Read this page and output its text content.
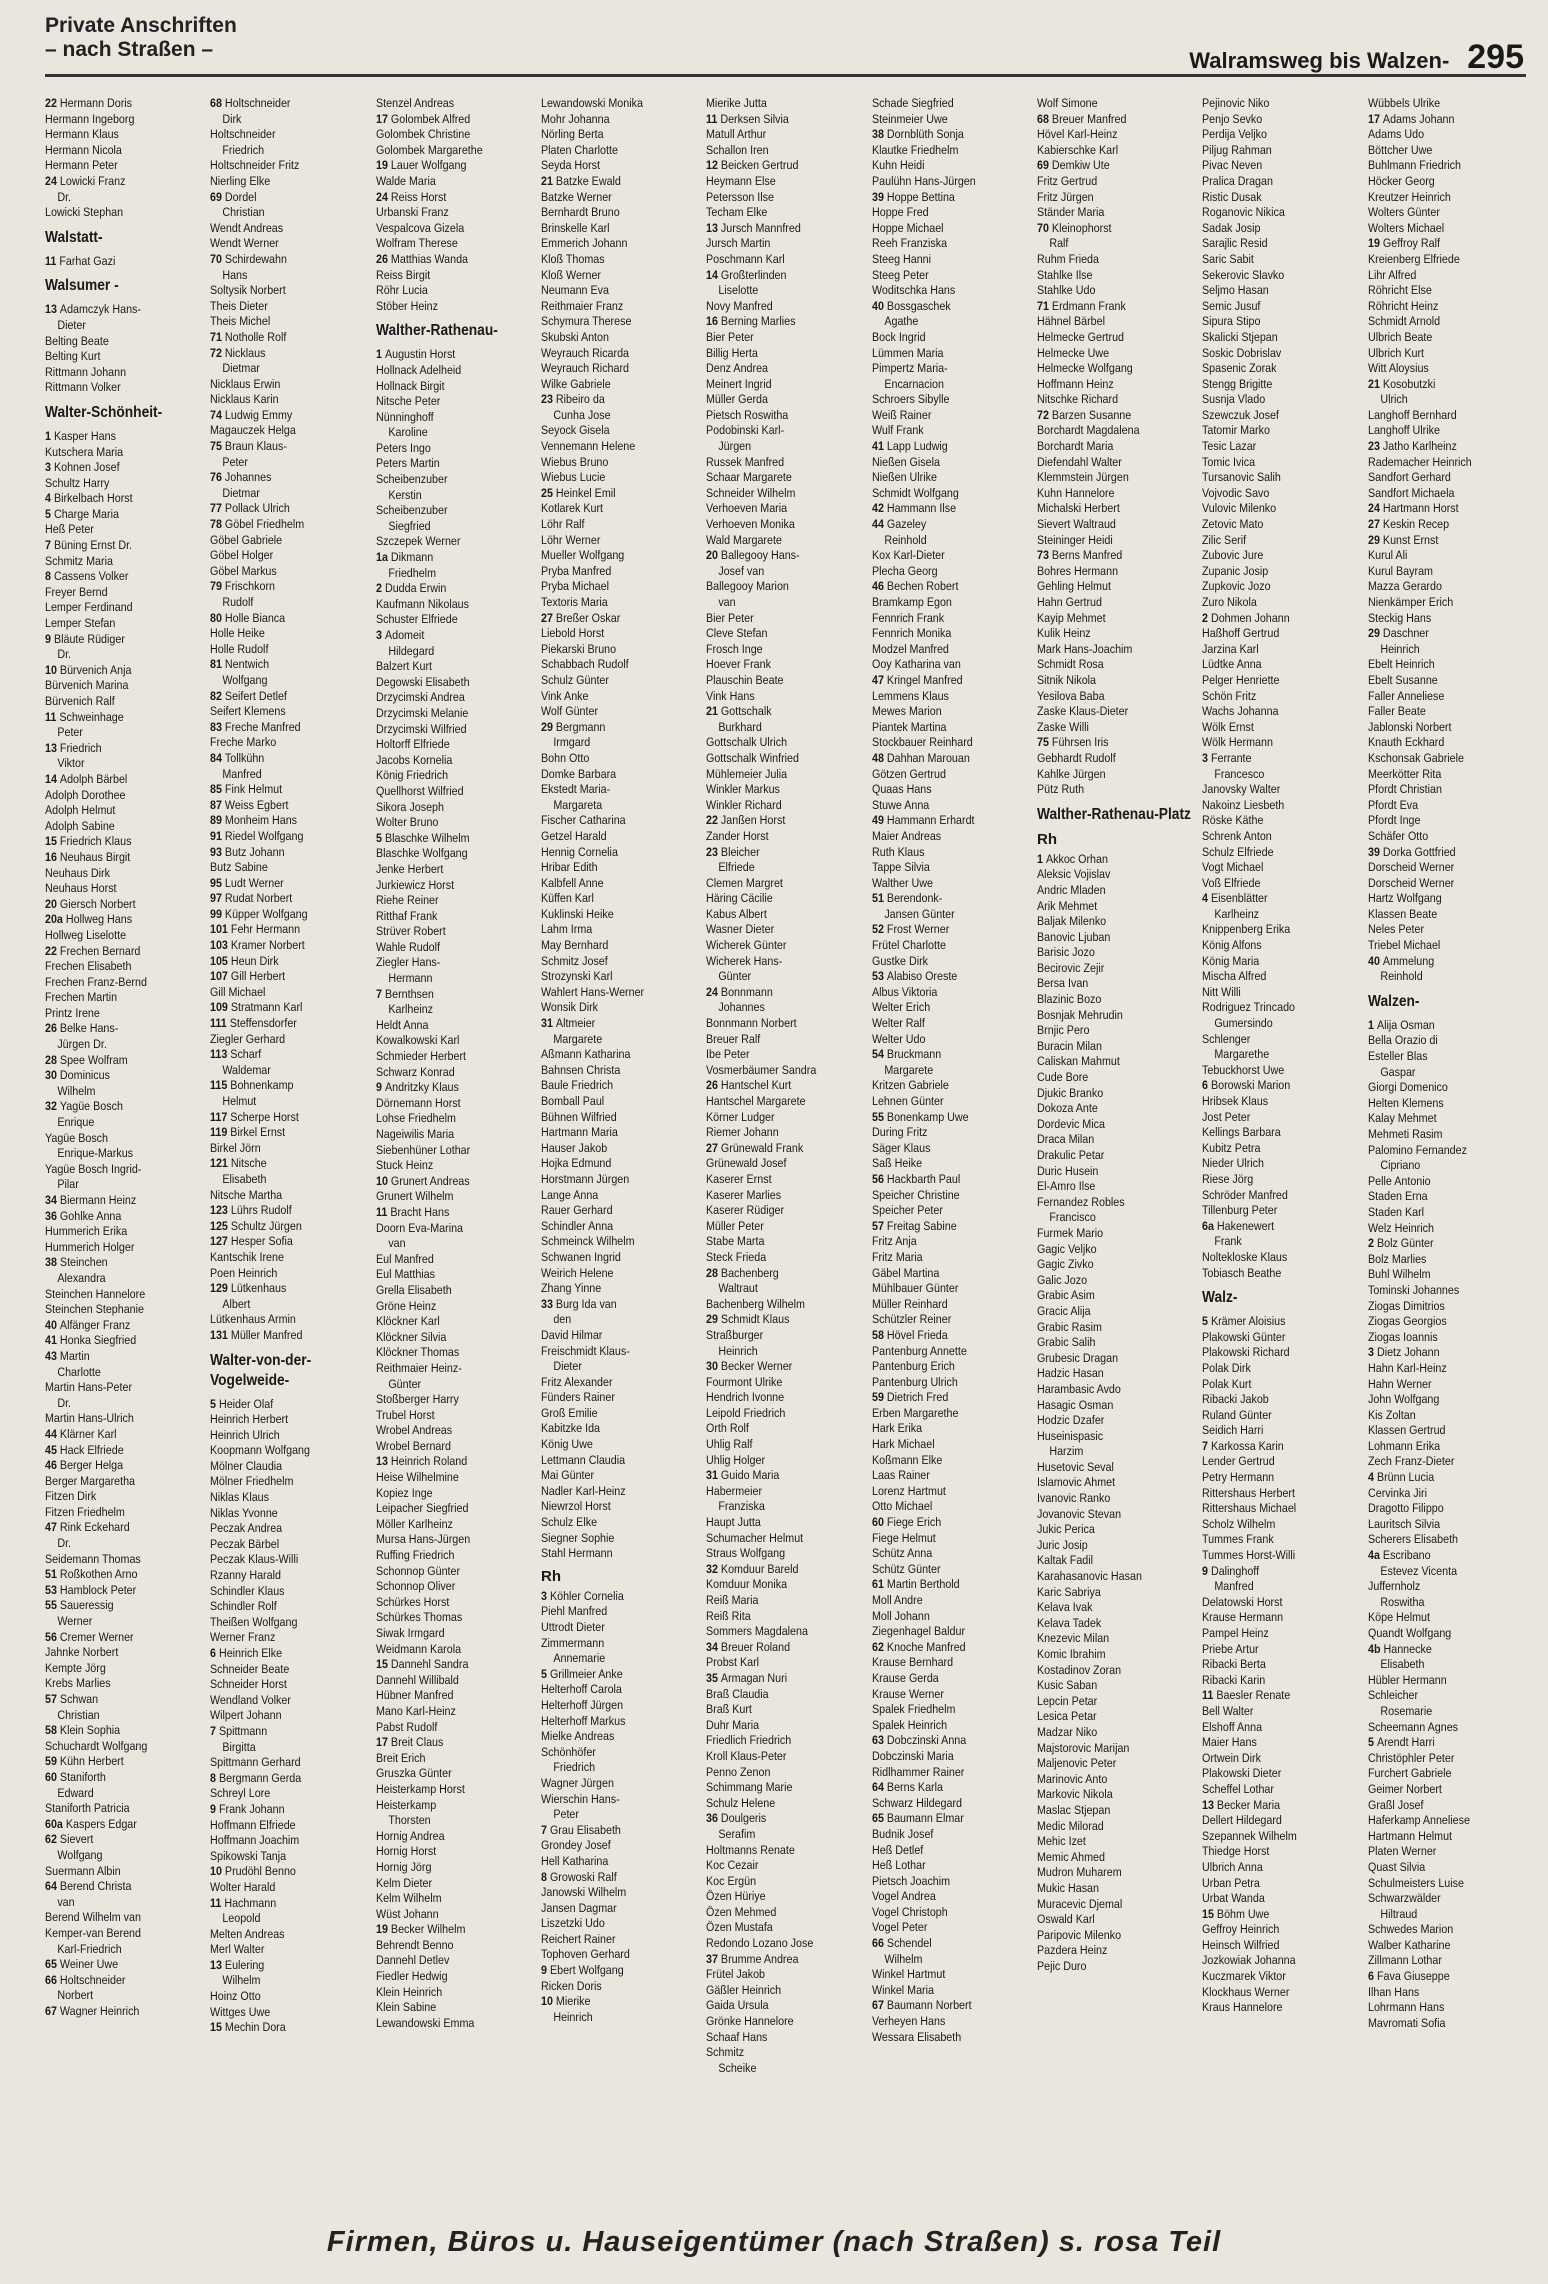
Private Anschriften
– nach Straßen –	Walramsweg bis Walzen- 295
22 Hermann Doris
Hermann Ingeborg
Hermann Klaus
Hermann Nicola
Hermann Peter
24 Lowicki Franz
Dr.
Lowicki Stephan
Walstatt-
11 Farhat Gazi
Walsumer -
13 Adamczyk Hans-
Dieter
Belting Beate
Belting Kurt
Rittmann Johann
Rittmann Volker
Walter-Schönheit-
1 Kasper Hans
Kutschera Maria
3 Kohnen Josef
Schultz Harry
4 Birkelbach Horst
5 Charge Maria
Heß Peter
7 Büning Ernst Dr.
Schmitz Maria
8 Cassens Volker
Freyer Bernd
Lemper Ferdinand
Lemper Stefan
9 Bläute Rüdiger
Dr.
10 Bürvenich Anja
Bürvenich Marina
Bürvenich Ralf
11 Schweinhage
Peter
13 Friedrich
Viktor
14 Adolph Bärbel
Adolph Dorothee
Adolph Helmut
Adolph Sabine
15 Friedrich Klaus
16 Neuhaus Birgit
Neuhaus Dirk
Neuhaus Horst
20 Giersch Norbert
20a Hollweg Hans
Hollweg Liselotte
22 Frechen Bernard
Frechen Elisabeth
Frechen Franz-Bernd
Frechen Martin
Printz Irene
26 Belke Hans-
Jürgen Dr.
28 Spee Wolfram
30 Dominicus
Wilhelm
32 Yagüe Bosch
Enrique
Yagüe Bosch
Enrique-Markus
Yagüe Bosch Ingrid-
Pilar
34 Biermann Heinz
36 Gohlke Anna
Hummerich Erika
Hummerich Holger
38 Steinchen
Alexandra
Steinchen Hannelore
Steinchen Stephanie
40 Alfänger Franz
41 Honka Siegfried
43 Martin
Charlotte
Martin Hans-Peter
Dr.
Martin Hans-Ulrich
44 Klärner Karl
45 Hack Elfriede
46 Berger Helga
Berger Margaretha
Fitzen Dirk
Fitzen Friedhelm
47 Rink Eckehard
Dr.
Seidemann Thomas
51 Roßkothen Arno
53 Hamblock Peter
55 Saueressig
Werner
56 Cremer Werner
Jahnke Norbert
Kempte Jörg
Krebs Marlies
57 Schwan
Christian
58 Klein Sophia
Schuchardt Wolfgang
59 Kühn Herbert
60 Staniforth
Edward
Staniforth Patricia
60a Kaspers Edgar
62 Sievert
Wolfgang
Suermann Albin
64 Berend Christa
van
Berend Wilhelm van
Kemper-van Berend
Karl-Friedrich
65 Weiner Uwe
66 Holtschneider
Norbert
67 Wagner Heinrich
68 Holtschneider
Dirk
Holtschneider
Friedrich
Holtschneider Fritz
Nierling Elke
69 Dordel
Christian
Wendt Andreas
Wendt Werner
70 Schirdewahn
Hans
Soltysik Norbert
Theis Dieter
Theis Michel
71 Notholle Rolf
72 Nicklaus
Dietmar
Nicklaus Erwin
Nicklaus Karin
74 Ludwig Emmy
Magauczek Helga
75 Braun Klaus-
Peter
76 Johannes
Dietmar
77 Pollack Ulrich
78 Göbel Friedhelm
Göbel Gabriele
Göbel Holger
Göbel Markus
79 Frischkorn
Rudolf
80 Holle Bianca
Holle Heike
Holle Rudolf
81 Nentwich
Wolfgang
82 Seifert Detlef
Seifert Klemens
83 Freche Manfred
Freche Marko
84 Tollkühn
Manfred
85 Fink Helmut
87 Weiss Egbert
89 Monheim Hans
91 Riedel Wolfgang
93 Butz Johann
Butz Sabine
95 Ludt Werner
97 Rudat Norbert
99 Küpper Wolfgang
101 Fehr Hermann
103 Kramer Norbert
105 Heun Dirk
107 Gill Herbert
Gill Michael
109 Stratmann Karl
111 Steffensdorfer
Ziegler Gerhard
113 Scharf
Waldemar
115 Bohnenkamp
Helmut
117 Scherpe Horst
119 Birkel Ernst
Birkel Jörn
121 Nitsche
Elisabeth
Nitsche Martha
123 Lührs Rudolf
125 Schultz Jürgen
127 Hesper Sofia
Kantschik Irene
Poen Heinrich
129 Lütkenhaus
Albert
Lütkenhaus Armin
131 Müller Manfred
Walter-von-der-Vogelweide-
5 Heider Olaf
Heinrich Herbert
Heinrich Ulrich
Koopmann Wolfgang
Mölner Claudia
Mölner Friedhelm
Niklas Klaus
Niklas Yvonne
Peczak Andrea
Peczak Bärbel
Peczak Klaus-Willi
Rzanny Harald
Schindler Klaus
Schindler Rolf
Theißen Wolfgang
Werner Franz
6 Heinrich Elke
Schneider Beate
Schneider Horst
Wendland Volker
Wilpert Johann
7 Spittmann
Birgitta
Spittmann Gerhard
8 Bergmann Gerda
Schreyl Lore
9 Frank Johann
Hoffmann Elfriede
Hoffmann Joachim
Spikowski Tanja
10 Prudöhl Benno
Wolter Harald
11 Hachmann
Leopold
Melten Andreas
Merl Walter
13 Eulering
Wilhelm
Hoinz Otto
Wittges Uwe
15 Mechin Dora
Stenzel Andreas
17 Golombek Alfred
Golombek Christine
Golombek Margarethe
19 Lauer Wolfgang
Walde Maria
24 Reiss Horst
Urbanski Franz
Vespalcova Gizela
Wolfram Therese
26 Matthias Wanda
Reiss Birgit
Röhr Lucia
Stöber Heinz
Walther-Rathenau-
1 Augustin Horst
Hollnack Adelheid
Hollnack Birgit
Nitsche Peter
Nünninghoff
Karoline
Peters Ingo
Peters Martin
Scheibenzuber
Kerstin
Scheibenzuber
Siegfried
Szczepek Werner
1a Dikmann
Friedhelm
2 Dudda Erwin
Kaufmann Nikolaus
Schuster Elfriede
3 Adomeit
Hildegard
Balzert Kurt
Degowski Elisabeth
Drzycimski Andrea
Drzycimski Melanie
Drzycimski Wilfried
Holtorff Elfriede
Jacobs Kornelia
König Friedrich
Quellhorst Wilfried
Sikora Joseph
Wolter Bruno
5 Blaschke Wilhelm
Blaschke Wolfgang
Jenke Herbert
Jurkiewicz Horst
Riehe Reiner
Ritthaf Frank
Strüver Robert
Wahle Rudolf
Ziegler Hans-
Hermann
7 Bernthsen
Karlheinz
Heldt Anna
Kowalkowski Karl
Schmieder Herbert
Schwarz Konrad
9 Andritzky Klaus
Dörnemann Horst
Lohse Friedhelm
Nageiwilis Maria
Siebenhüner Lothar
Stuck Heinz
10 Grunert Andreas
Grunert Wilhelm
11 Bracht Hans
Doorn Eva-Marina
van
Eul Manfred
Eul Matthias
Grella Elisabeth
Gröne Heinz
Klöckner Karl
Klöckner Silvia
Klöckner Thomas
Reithmaier Heinz-
Günter
Stoßberger Harry
Trubel Horst
Wrobel Andreas
Wrobel Bernard
13 Heinrich Roland
Heise Wilhelmine
Kopiez Inge
Leipacher Siegfried
Möller Karlheinz
Mursa Hans-Jürgen
Ruffing Friedrich
Schonnop Günter
Schonnop Oliver
Schürkes Horst
Schürkes Thomas
Siwak Irmgard
Weidmann Karola
15 Dannehl Sandra
Dannehl Willibald
Hübner Manfred
Mano Karl-Heinz
Pabst Rudolf
17 Breit Claus
Breit Erich
Gruszka Günter
Heisterkamp Horst
Heisterkamp
Thorsten
Hornig Andrea
Hornig Horst
Hornig Jörg
Kelm Dieter
Kelm Wilhelm
Wüst Johann
19 Becker Wilhelm
Behrendt Benno
Dannehl Detlev
Fiedler Hedwig
Klein Heinrich
Klein Sabine
Lewandowski Emma
Lewandowski Monika
Mohr Johanna
Nörling Berta
Platen Charlotte
Seyda Horst
21 Batzke Ewald
Batzke Werner
Bernhardt Bruno
Brinskelle Karl
Emmerich Johann
Kloß Thomas
Kloß Werner
Neumann Eva
Reithmaier Franz
Schymura Therese
Skubski Anton
Weyrauch Ricarda
Weyrauch Richard
Wilke Gabriele
23 Ribeiro da
Cunha Jose
Seyock Gisela
Vennemann Helene
Wiebus Bruno
Wiebus Lucie
25 Heinkel Emil
Kotlarek Kurt
Löhr Ralf
Löhr Werner
Mueller Wolfgang
Pryba Manfred
Pryba Michael
Textoris Maria
27 Breßer Oskar
Liebold Horst
Piekarski Bruno
Schabbach Rudolf
Schulz Günter
Vink Anke
Wolf Günter
29 Bergmann
Irmgard
Bohn Otto
Domke Barbara
Ekstedt Maria-
Margareta
Fischer Catharina
Getzel Harald
Hennig Cornelia
Hribar Edith
Kalbfell Anne
Küffen Karl
Kuklinski Heike
Lahm Irma
May Bernhard
Schmitz Josef
Strozynski Karl
Wahlert Hans-Werner
Wonsik Dirk
31 Altmeier
Margarete
Aßmann Katharina
Bahnsen Christa
Baule Friedrich
Bomball Paul
Bühnen Wilfried
Hartmann Maria
Hauser Jakob
Hojka Edmund
Horstmann Jürgen
Lange Anna
Rauer Gerhard
Schindler Anna
Schmeinck Wilhelm
Schwanen Ingrid
Weirich Helene
Zhang Yinne
33 Burg Ida van
den
David Hilmar
Freischmidt Klaus-
Dieter
Fritz Alexander
Fünders Rainer
Groß Emilie
Kabitzke Ida
König Uwe
Lettmann Claudia
Mai Günter
Nadler Karl-Heinz
Niewrzol Horst
Schulz Elke
Siegner Sophie
Stahl Hermann
Rh
3 Köhler Cornelia
Piehl Manfred
Uttrodt Dieter
Zimmermann
Annemarie
5 Grillmeier Anke
Helterhoff Carola
Helterhoff Jürgen
Helterhoff Markus
Mielke Andreas
Schönhöfer
Friedrich
Wagner Jürgen
Wierschin Hans-
Peter
7 Grau Elisabeth
Grondey Josef
Hell Katharina
8 Growoski Ralf
Janowski Wilhelm
Jansen Dagmar
Liszetzki Udo
Reichert Rainer
Tophoven Gerhard
9 Ebert Wolfgang
Ricken Doris
10 Mierike
Heinrich
Mierike Jutta
11 Derksen Silvia
Matull Arthur
Schallon Iren
12 Beicken Gertrud
Heymann Else
Petersson Ilse
Techam Elke
13 Jursch Mannfred
Jursch Martin
Poschmann Karl
14 Großterlinden
Liselotte
Novy Manfred
16 Berning Marlies
Bier Peter
Billig Herta
Denz Andrea
Meinert Ingrid
Müller Gerda
Pietsch Roswitha
Podobinski Karl-
Jürgen
Russek Manfred
Schaar Margarete
Schneider Wilhelm
Verhoeven Maria
Verhoeven Monika
Wald Margarete
20 Ballegooy Hans-
Josef van
Ballegooy Marion
van
Bier Peter
Cleve Stefan
Frosch Inge
Hoever Frank
Plauschin Beate
Vink Hans
21 Gottschalk
Burkhard
Gottschalk Ulrich
Gottschalk Winfried
Mühlemeier Julia
Winkler Markus
Winkler Richard
22 Janßen Horst
Zander Horst
23 Bleicher
Elfriede
Clemen Margret
Häring Cäcilie
Kabus Albert
Wasner Dieter
Wicherek Günter
Wicherek Hans-
Günter
24 Bonnmann
Johannes
Bonnmann Norbert
Breuer Ralf
Ibe Peter
Vosmerbäumer Sandra
26 Hantschel Kurt
Hantschel Margarete
Körner Ludger
Riemer Johann
27 Grünewald Frank
Grünewald Josef
Kaserer Ernst
Kaserer Marlies
Kaserer Rüdiger
Müller Peter
Stabe Marta
Steck Frieda
28 Bachenberg
Waltraut
Bachenberg Wilhelm
29 Schmidt Klaus
Straßburger
Heinrich
30 Becker Werner
Fourmont Ulrike
Hendrich Ivonne
Leipold Friedrich
Orth Rolf
Uhlig Ralf
Uhlig Holger
31 Guido Maria
Habermeier
Franziska
Haupt Jutta
Schumacher Helmut
Straus Wolfgang
32 Komduur Bareld
Komduur Monika
Reiß Maria
Reiß Rita
Sommers Magdalena
34 Breuer Roland
Probst Karl
35 Armagan Nuri
Braß Claudia
Braß Kurt
Duhr Maria
Friedlich Friedrich
Kroll Klaus-Peter
Penno Zenon
Schimmang Marie
Schulz Helene
36 Doulgeris
Serafim
Holtmanns Renate
Koc Cezair
Koc Ergün
Özen Hüriye
Özen Mehmed
Özen Mustafa
Redondo Lozano Jose
37 Brumme Andrea
Frütel Jakob
Gäßler Heinrich
Gaida Ursula
Grönke Hannelore
Schaaf Hans
Schmitz
Scheike
Schade Siegfried
Steinmeier Uwe
38 Dornblüth Sonja
Klautke Friedhelm
Kuhn Heidi
Paulühn Hans-Jürgen
39 Hoppe Bettina
Hoppe Fred
Hoppe Michael
Reeh Franziska
Steeg Hanni
Steeg Peter
Woditschka Hans
40 Bossgaschek
Agathe
Bock Ingrid
Lümmen Maria
Pimpertz Maria-
Encarnacion
Schroers Sibylle
Weiß Rainer
Wulf Frank
41 Lapp Ludwig
Nießen Gisela
Nießen Ulrike
Schmidt Wolfgang
42 Hammann Ilse
44 Gazeley
Reinhold
Kox Karl-Dieter
Plecha Georg
46 Bechen Robert
Bramkamp Egon
Fennrich Frank
Fennrich Monika
Modzel Manfred
Ooy Katharina van
47 Kringel Manfred
Lemmens Klaus
Mewes Marion
Piantek Martina
Stockbauer Reinhard
48 Dahhan Marouan
Götzen Gertrud
Quaas Hans
Stuwe Anna
49 Hammann Erhardt
Maier Andreas
Ruth Klaus
Tappe Silvia
Walther Uwe
51 Berendonk-
Jansen Günter
52 Frost Werner
Frütel Charlotte
Gustke Dirk
53 Alabiso Oreste
Albus Viktoria
Welter Erich
Welter Ralf
Welter Udo
54 Bruckmann
Margarete
Kritzen Gabriele
Lehnen Günter
55 Bonenkamp Uwe
During Fritz
Säger Klaus
Saß Heike
56 Hackbarth Paul
Speicher Christine
Speicher Peter
57 Freitag Sabine
Fritz Anja
Fritz Maria
Gäbel Martina
Mühlbauer Günter
Müller Reinhard
Schützler Reiner
58 Hövel Frieda
Pantenburg Annette
Pantenburg Erich
Pantenburg Ulrich
59 Dietrich Fred
Erben Margarethe
Hark Erika
Hark Michael
Koßmann Elke
Laas Rainer
Lorenz Hartmut
Otto Michael
60 Fiege Erich
Fiege Helmut
Schütz Anna
Schütz Günter
61 Martin Berthold
Moll Andre
Moll Johann
Ziegenhagel Baldur
62 Knoche Manfred
Krause Bernhard
Krause Gerda
Krause Werner
Spalek Friedhelm
Spalek Heinrich
63 Dobczinski Anna
Dobczinski Maria
Ridlhammer Rainer
64 Berns Karla
Schwarz Hildegard
65 Baumann Elmar
Budnik Josef
Heß Detlef
Heß Lothar
Pietsch Joachim
Vogel Andrea
Vogel Christoph
Vogel Peter
66 Schendel
Wilhelm
Winkel Hartmut
Winkel Maria
67 Baumann Norbert
Verheyen Hans
Wessara Elisabeth
Wolf Simone
68 Breuer Manfred
Hövel Karl-Heinz
Kabierschke Karl
69 Demkiw Ute
Fritz Gertrud
Fritz Jürgen
Ständer Maria
70 Kleinophorst
Ralf
Ruhm Frieda
Stahlke Ilse
Stahlke Udo
71 Erdmann Frank
Hähnel Bärbel
Helmecke Gertrud
Helmecke Uwe
Helmecke Wolfgang
Hoffmann Heinz
Nitschke Richard
72 Barzen Susanne
Borchardt Magdalena
Borchardt Maria
Diefendahl Walter
Klemmstein Jürgen
Kuhn Hannelore
Michalski Herbert
Sievert Waltraud
Steininger Heidi
73 Berns Manfred
Bohres Hermann
Gehling Helmut
Hahn Gertrud
Kayip Mehmet
Kulik Heinz
Mark Hans-Joachim
Schmidt Rosa
Sitnik Nikola
Yesilova Baba
Zaske Klaus-Dieter
Zaske Willi
75 Führsen Iris
Gebhardt Rudolf
Kahlke Jürgen
Pütz Ruth
Walther-Rathenau-Platz
Rh
1 Akkoc Orhan
Aleksic Vojislav
Andric Mladen
Arik Mehmet
Baljak Milenko
Banovic Ljuban
Barisic Jozo
Becirovic Zejir
Bersa Ivan
Blazinic Bozo
Bosnjak Mehrudin
Brnjic Pero
Buracin Milan
Caliskan Mahmut
Cude Bore
Djukic Branko
Dokoza Ante
Dordevic Mica
Draca Milan
Drakulic Petar
Duric Husein
El-Amro Ilse
Fernandez Robles
Francisco
Furmek Mario
Gagic Veljko
Gagic Zivko
Galic Jozo
Grabic Asim
Gracic Alija
Grabic Rasim
Grabic Salih
Grubesic Dragan
Hadzic Hasan
Harambasic Avdo
Hasagic Osman
Hodzic Dzafer
Huseinispasic
Harzim
Husetovic Seval
Islamovic Ahmet
Ivanovic Ranko
Jovanovic Stevan
Jukic Perica
Juric Josip
Kaltak Fadil
Karahasanovic Hasan
Karic Sabriya
Kelava Ivak
Kelava Tadek
Knezevic Milan
Komic Ibrahim
Kostadinov Zoran
Kusic Saban
Lepcin Petar
Lesica Petar
Madzar Niko
Majstorovic Marijan
Maljenovic Peter
Marinovic Anto
Markovic Nikola
Maslac Stjepan
Medic Milorad
Mehic Izet
Memic Ahmed
Mudron Muharem
Mukic Hasan
Muracevic Djemal
Oswald Karl
Paripovic Milenko
Pazdera Heinz
Pejic Duro
Pejinovic Niko
Penjo Sevko
Perdija Veljko
Piljug Rahman
Pivac Neven
Pralica Dragan
Ristic Dusak
Roganovic Nikica
Sadak Josip
Sarajlic Resid
Saric Sabit
Sekerovic Slavko
Seljmo Hasan
Semic Jusuf
Sipura Stipo
Skalicki Stjepan
Soskic Dobrislav
Spasenic Zorak
Stengg Brigitte
Susnja Vlado
Szewczuk Josef
Tatomir Marko
Tesic Lazar
Tomic Ivica
Tursanovic Salih
Vojvodic Savo
Vulovic Milenko
Zetovic Mato
Zilic Serif
Zubovic Jure
Zupanic Josip
Zupkovic Jozo
Zuro Nikola
2 Dohmen Johann
Haßhoff Gertrud
Jarzina Karl
Lüdtke Anna
Pelger Henriette
Schön Fritz
Wachs Johanna
Wölk Ernst
Wölk Hermann
3 Ferrante
Francesco
Janovsky Walter
Nakoinz Liesbeth
Röske Käthe
Schrenk Anton
Schulz Elfriede
Vogt Michael
Voß Elfriede
4 Eisenblätter
Karlheinz
Knippenberg Erika
König Alfons
König Maria
Mischa Alfred
Nitt Willi
Rodriguez Trincado
Gumersindo
Schlenger
Margarethe
Tebuckhorst Uwe
6 Borowski Marion
Hribsek Klaus
Jost Peter
Kellings Barbara
Kubitz Petra
Nieder Ulrich
Riese Jörg
Schröder Manfred
Tillenburg Peter
6a Hakenewert
Frank
Noltekloske Klaus
Tobiasch Beathe
Walz-
5 Krämer Aloisius
Plakowski Günter
Plakowski Richard
Polak Dirk
Polak Kurt
Ribacki Jakob
Ruland Günter
Seidich Harri
7 Karkossa Karin
Lender Gertrud
Petry Hermann
Rittershaus Herbert
Rittershaus Michael
Scholz Wilhelm
Tummes Frank
Tummes Horst-Willi
9 Dalinghoff
Manfred
Delatowski Horst
Krause Hermann
Pampel Heinz
Priebe Artur
Ribacki Berta
Ribacki Karin
11 Baesler Renate
Bell Walter
Elshoff Anna
Maier Hans
Ortwein Dirk
Plakowski Dieter
Scheffel Lothar
13 Becker Maria
Dellert Hildegard
Szepannek Wilhelm
Thiedge Horst
Ulbrich Anna
Urban Petra
Urbat Wanda
15 Böhm Uwe
Geffroy Heinrich
Heinsch Wilfried
Jozkowiak Johanna
Kuczmarek Viktor
Klockhaus Werner
Kraus Hannelore
Wübbels Ulrike
17 Adams Johann
Adams Udo
Böttcher Uwe
Buhlmann Friedrich
Höcker Georg
Kreutzer Heinrich
Wolters Günter
Wolters Michael
19 Geffroy Ralf
Kreienberg Elfriede
Lihr Alfred
Röhricht Else
Röhricht Heinz
Schmidt Arnold
Ulbrich Beate
Ulbrich Kurt
Witt Aloysius
21 Kosobutzki
Ulrich
Langhoff Bernhard
Langhoff Ulrike
23 Jatho Karlheinz
Rademacher Heinrich
Sandfort Gerhard
Sandfort Michaela
24 Hartmann Horst
27 Keskin Recep
29 Kunst Ernst
Kurul Ali
Kurul Bayram
Mazza Gerardo
Nienkämper Erich
Steckig Hans
29 Daschner
Heinrich
Ebelt Heinrich
Ebelt Susanne
Faller Anneliese
Faller Beate
Jablonski Norbert
Knauth Eckhard
Kschonsak Gabriele
Meerkötter Rita
Pfordt Christian
Pfordt Eva
Pfordt Inge
Schäfer Otto
39 Dorka Gottfried
Dorscheid Werner
Dorscheid Werner
Hartz Wolfgang
Klassen Beate
Neles Peter
Triebel Michael
40 Ammelung
Reinhold
Walzen-
1 Alija Osman
Bella Orazio di
Esteller Blas
Gaspar
Giorgi Domenico
Helten Klemens
Kalay Mehmet
Mehmeti Rasim
Palomino Fernandez
Cipriano
Pelle Antonio
Staden Erna
Staden Karl
Welz Heinrich
2 Bolz Günter
Bolz Marlies
Buhl Wilhelm
Tominski Johannes
Ziogas Dimitrios
Ziogas Georgios
Ziogas Ioannis
3 Dietz Johann
Hahn Karl-Heinz
Hahn Werner
John Wolfgang
Kis Zoltan
Klassen Gertrud
Lohmann Erika
Zech Franz-Dieter
4 Brünn Lucia
Cervinka Jiri
Dragotto Filippo
Lauritsch Silvia
Scherers Elisabeth
4a Escribano
Estevez Vicenta
Juffernholz
Roswitha
Köpe Helmut
Quandt Wolfgang
4b Hannecke
Elisabeth
Hübler Hermann
Schleicher
Rosemarie
Scheemann Agnes
5 Arendt Harri
Christöphler Peter
Furchert Gabriele
Geimer Norbert
Graßl Josef
Haferkamp Anneliese
Hartmann Helmut
Platen Werner
Quast Silvia
Schulmeisters Luise
Schwarzwälder
Hiltraud
Schwedes Marion
Walber Katharine
Zillmann Lothar
6 Fava Giuseppe
Ilhan Hans
Lohrmann Hans
Mavromati Sofia
Firmen, Büros u. Hauseigentümer (nach Straßen) s. rosa Teil
